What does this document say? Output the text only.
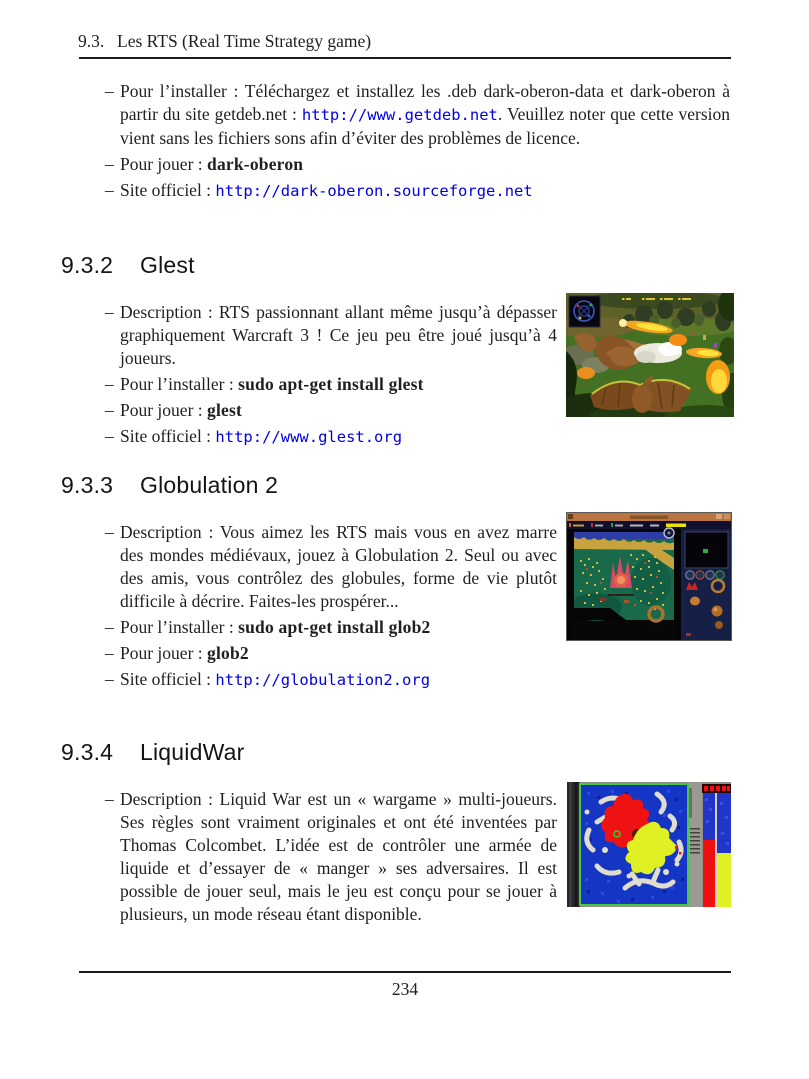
9.3. Les RTS (Real Time Strategy game)
– Pour l’installer : Téléchargez et installez les .deb dark-oberon-data et dark-oberon à partir du site getdeb.net : http://www.getdeb.net. Veuillez noter que cette version vient sans les fichiers sons afin d’éviter des problèmes de licence.
– Pour jouer : dark-oberon
– Site officiel : http://dark-oberon.sourceforge.net
9.3.2 Glest
– Description : RTS passionnant allant même jusqu’à dépasser graphiquement Warcraft 3 ! Ce jeu peu être joué jusqu’à 4 joueurs.
– Pour l’installer : sudo apt-get install glest
– Pour jouer : glest
– Site officiel : http://www.glest.org
9.3.3 Globulation 2
– Description : Vous aimez les RTS mais vous en avez marre des mondes médiévaux, jouez à Globulation 2. Seul ou avec des amis, vous contrôlez des globules, forme de vie plutôt difficile à décrire. Faites-les prospérer...
– Pour l’installer : sudo apt-get install glob2
– Pour jouer : glob2
– Site officiel : http://globulation2.org
9.3.4 LiquidWar
– Description : Liquid War est un « wargame » multi-joueurs. Ses règles sont vraiment originales et ont été inventées par Thomas Colcombet. L’idée est de contrôler une armée de liquide et d’essayer de « manger » ses adversaires. Il est possible de jouer seul, mais le jeu est conçu pour se jouer à plusieurs, un mode réseau étant disponible.
234
